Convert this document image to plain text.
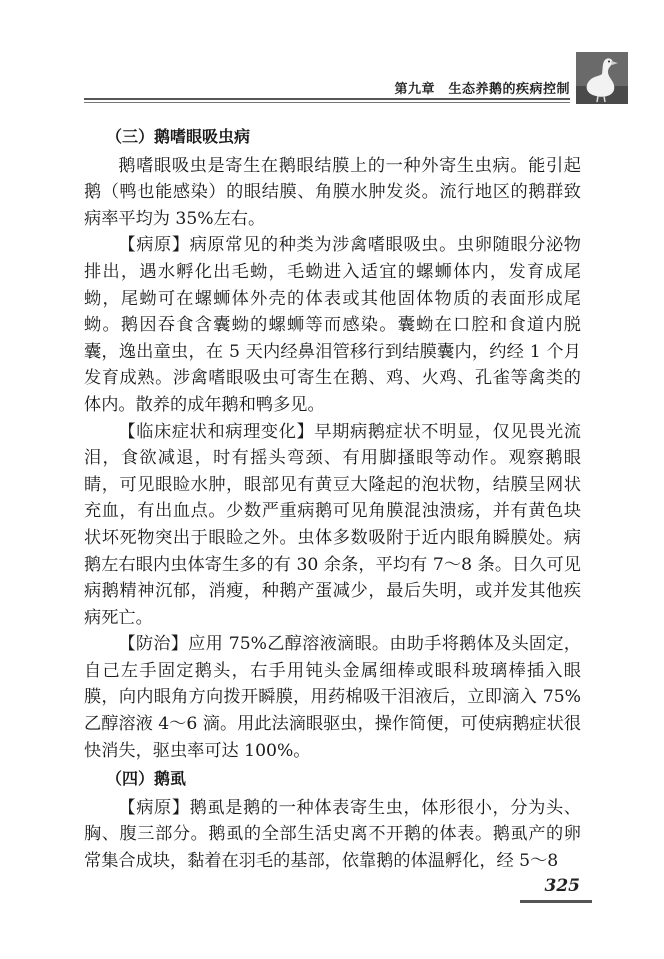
第九章　生态养鹅的疾病控制
（三）鹅嗜眼吸虫病

鹅嗜眼吸虫是寄生在鹅眼结膜上的一种外寄生虫病。能引起鹅（鸭也能感染）的眼结膜、角膜水肿发炎。流行地区的鹅群致病率平均为 35%左右。

【病原】病原常见的种类为涉禽嗜眼吸虫。虫卵随眼分泌物排出，遇水孵化出毛蚴，毛蚴进入适宜的螺蛳体内，发育成尾蚴，尾蚴可在螺蛳体外壳的体表或其他固体物质的表面形成尾蚴。鹅因吞食含囊蚴的螺蛳等而感染。囊蚴在口腔和食道内脱囊，逸出童虫，在 5 天内经鼻泪管移行到结膜囊内，约经 1 个月发育成熟。涉禽嗜眼吸虫可寄生在鹅、鸡、火鸡、孔雀等禽类的体内。散养的成年鹅和鸭多见。

【临床症状和病理变化】早期病鹅症状不明显，仅见畏光流泪，食欲减退，时有摇头弯颈、有用脚搔眼等动作。观察鹅眼睛，可见眼睑水肿，眼部见有黄豆大隆起的泡状物，结膜呈网状充血，有出血点。少数严重病鹅可见角膜混浊溃疡，并有黄色块状坏死物突出于眼睑之外。虫体多数吸附于近内眼角瞬膜处。病鹅左右眼内虫体寄生多的有 30 余条，平均有 7～8 条。日久可见病鹅精神沉郁，消瘦，种鹅产蛋减少，最后失明，或并发其他疾病死亡。

【防治】应用 75%乙醇溶液滴眼。由助手将鹅体及头固定，自己左手固定鹅头，右手用钝头金属细棒或眼科玻璃棒插入眼膜，向内眼角方向拨开瞬膜，用药棉吸干泪液后，立即滴入 75%乙醇溶液 4～6 滴。用此法滴眼驱虫，操作简便，可使病鹅症状很快消失，驱虫率可达 100%。

（四）鹅虱

【病原】鹅虱是鹅的一种体表寄生虫，体形很小，分为头、胸、腹三部分。鹅虱的全部生活史离不开鹅的体表。鹅虱产的卵常集合成块，黏着在羽毛的基部，依靠鹅的体温孵化，经 5～8

325
